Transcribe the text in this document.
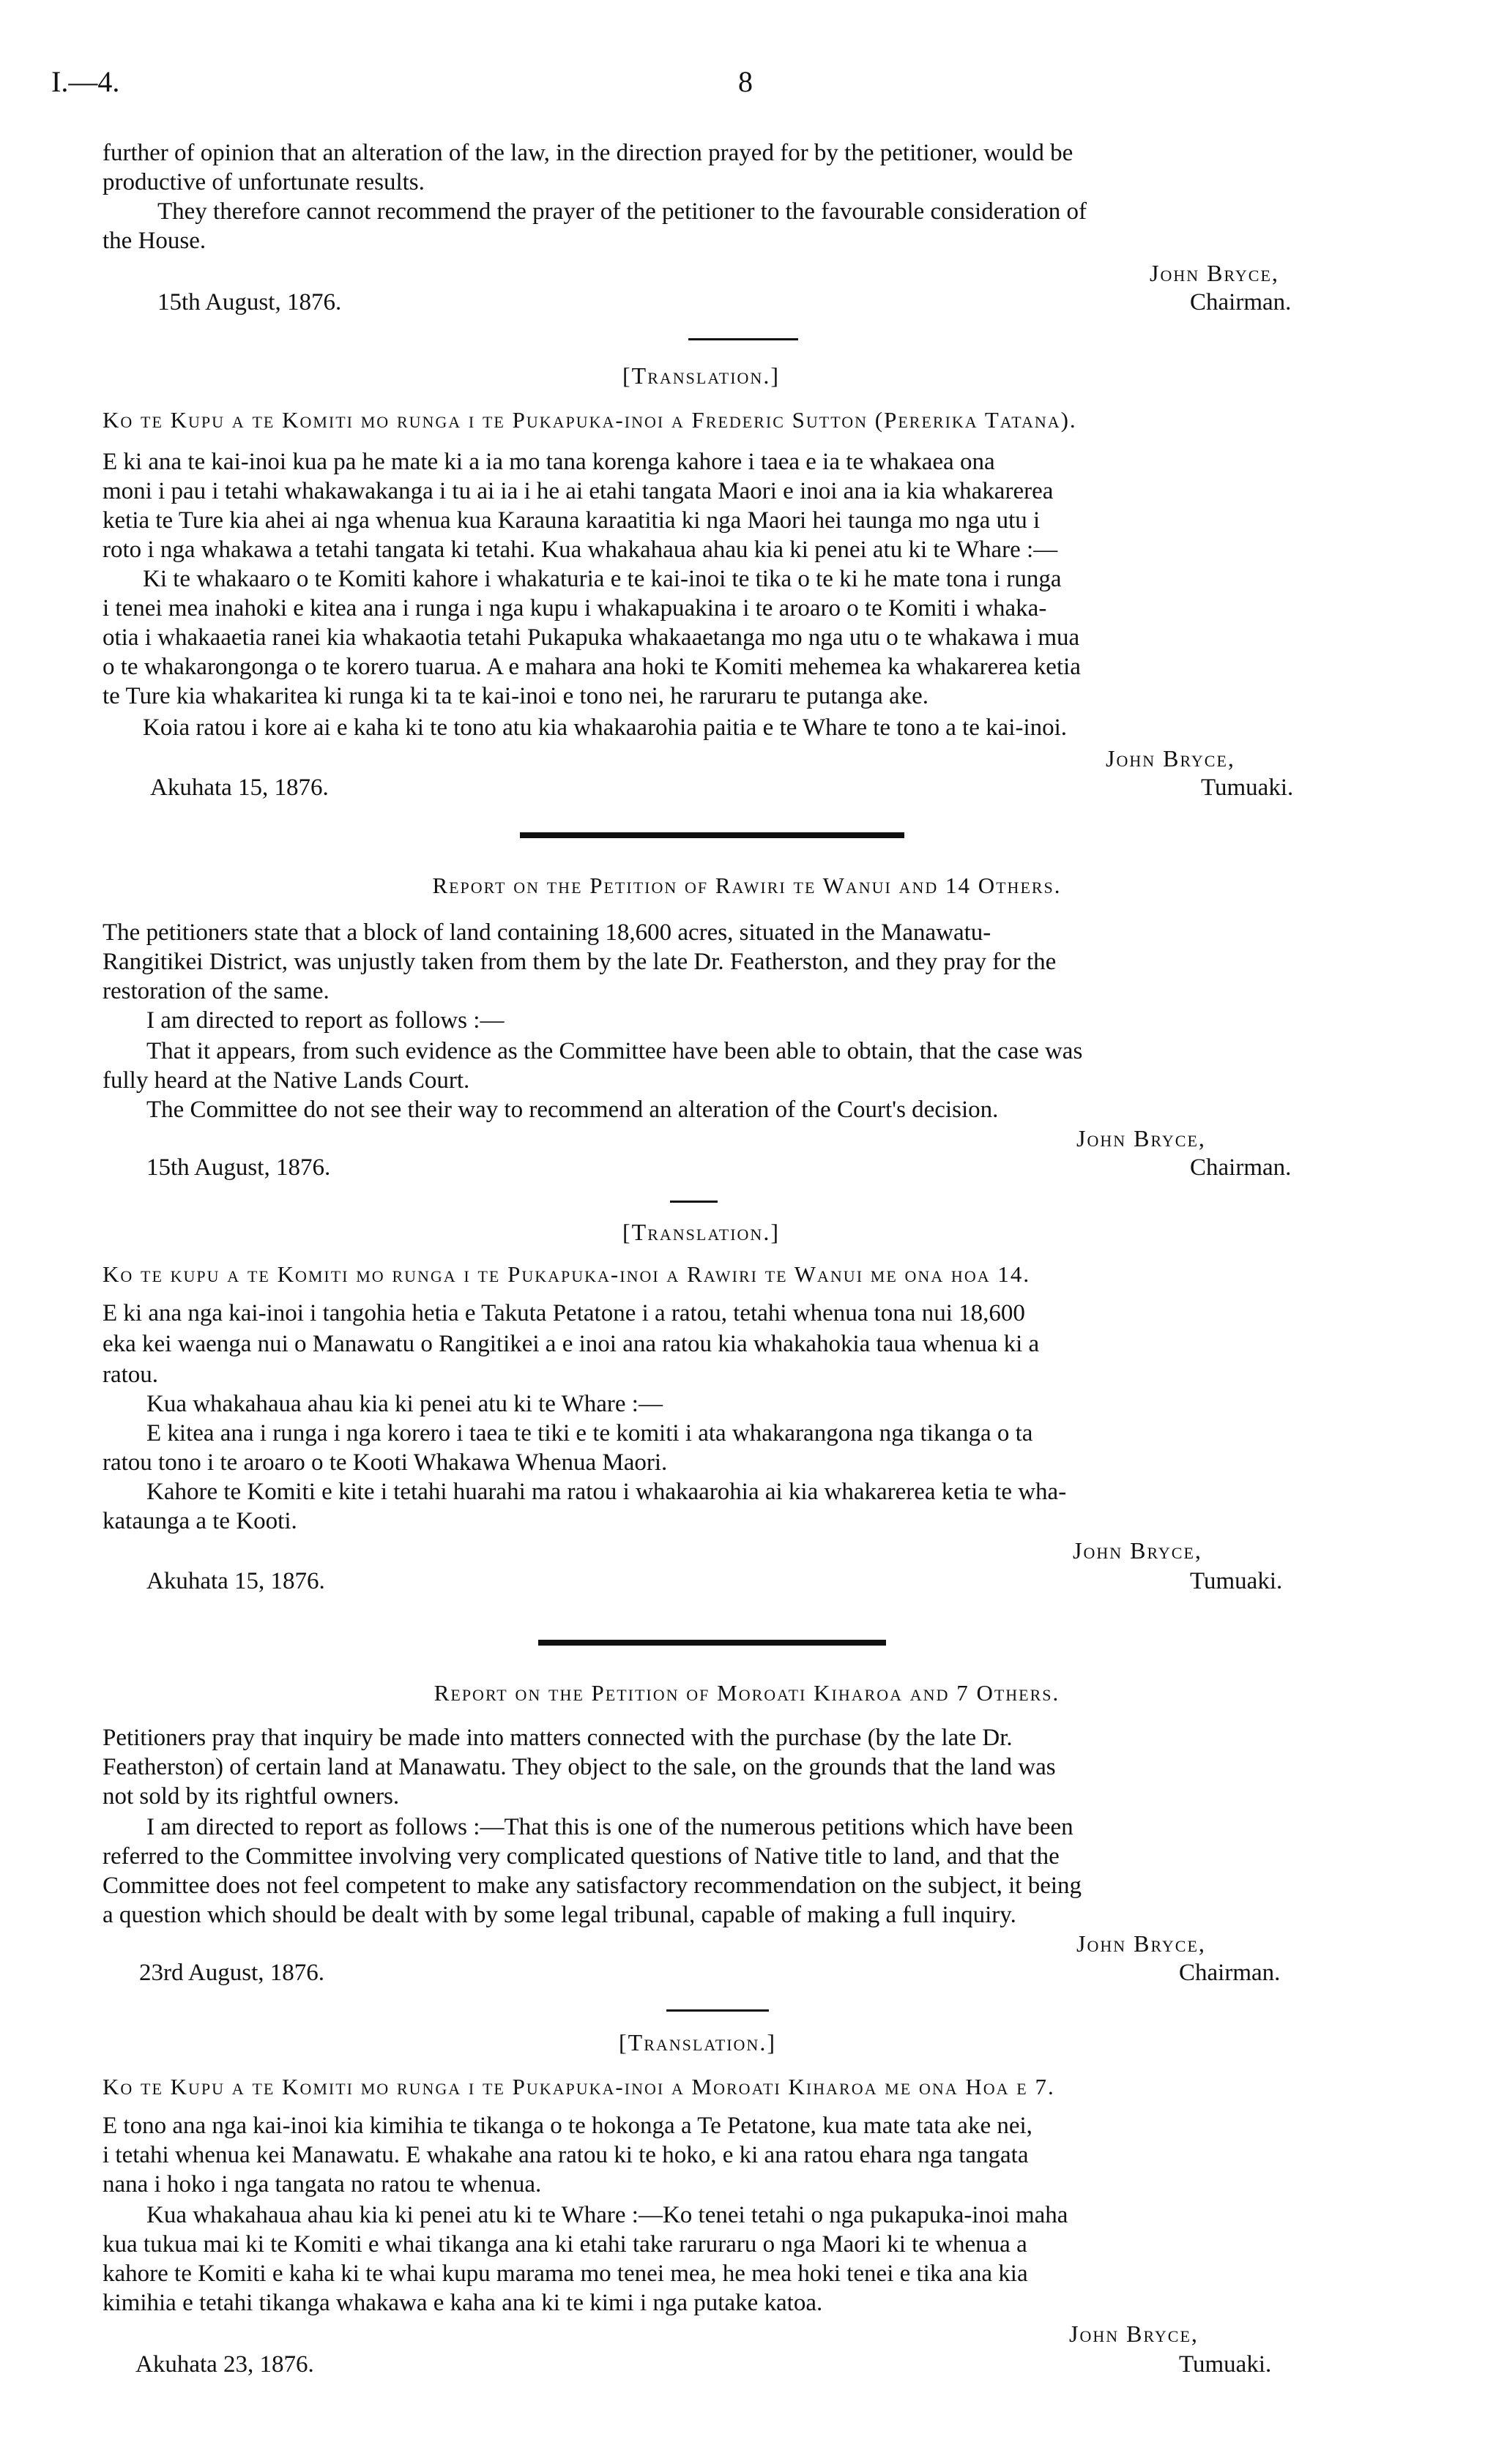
I.—4.	8
further of opinion that an alteration of the law, in the direction prayed for by the petitioner, would be
productive of unfortunate results.
They therefore cannot recommend the prayer of the petitioner to the favourable consideration of
the House.
John Bryce,
15th August, 1876.	Chairman.
[Translation.]
Ko te Kupu a te Komiti mo runga i te Pukapuka-inoi a Frederic Sutton (Pererika Tatana).
E ki ana te kai-inoi kua pa he mate ki a ia mo tana korenga kahore i taea e ia te whakaea ona
moni i pau i tetahi whakawakanga i tu ai ia i he ai etahi tangata Maori e inoi ana ia kia whakarerea
ketia te Ture kia ahei ai nga whenua kua Karauna karaatitia ki nga Maori hei taunga mo nga utu i
roto i nga whakawa a tetahi tangata ki tetahi. Kua whakahaua ahau kia ki penei atu ki te Whare :—
Ki te whakaaro o te Komiti kahore i whakaturia e te kai-inoi te tika o te ki he mate tona i runga
i tenei mea inahoki e kitea ana i runga i nga kupu i whakapuakina i te aroaro o te Komiti i whaka-
otia i whakaaetia ranei kia whakaotia tetahi Pukapuka whakaaetanga mo nga utu o te whakawa i mua
o te whakarongonga o te korero tuarua. A e mahara ana hoki te Komiti mehemea ka whakarerea ketia
te Ture kia whakaritea ki runga ki ta te kai-inoi e tono nei, he raruraru te putanga ake.
Koia ratou i kore ai e kaha ki te tono atu kia whakaarohia paitia e te Whare te tono a te kai-inoi.
John Bryce,
Akuhata 15, 1876.	Tumuaki.
Report on the Petition of Rawiri te Wanui and 14 Others.
The petitioners state that a block of land containing 18,600 acres, situated in the Manawatu-
Rangitikei District, was unjustly taken from them by the late Dr. Featherston, and they pray for the
restoration of the same.
I am directed to report as follows :—
That it appears, from such evidence as the Committee have been able to obtain, that the case was
fully heard at the Native Lands Court.
The Committee do not see their way to recommend an alteration of the Court's decision.
John Bryce,
15th August, 1876.	Chairman.
[Translation.]
Ko te kupu a te Komiti mo runga i te Pukapuka-inoi a Rawiri te Wanui me ona hoa 14.
E ki ana nga kai-inoi i tangohia hetia e Takuta Petatone i a ratou, tetahi whenua tona nui 18,600
eka kei waenga nui o Manawatu o Rangitikei a e inoi ana ratou kia whakahokia taua whenua ki a
ratou.
Kua whakahaua ahau kia ki penei atu ki te Whare :—
E kitea ana i runga i nga korero i taea te tiki e te komiti i ata whakarangona nga tikanga o ta
ratou tono i te aroaro o te Kooti Whakawa Whenua Maori.
Kahore te Komiti e kite i tetahi huarahi ma ratou i whakaarohia ai kia whakarerea ketia te wha-
kataunga a te Kooti.
John Bryce,
Akuhata 15, 1876.	Tumuaki.
Report on the Petition of Moroati Kiharoa and 7 Others.
Petitioners pray that inquiry be made into matters connected with the purchase (by the late Dr.
Featherston) of certain land at Manawatu. They object to the sale, on the grounds that the land was
not sold by its rightful owners.
I am directed to report as follows :—That this is one of the numerous petitions which have been
referred to the Committee involving very complicated questions of Native title to land, and that the
Committee does not feel competent to make any satisfactory recommendation on the subject, it being
a question which should be dealt with by some legal tribunal, capable of making a full inquiry.
John Bryce,
23rd August, 1876.	Chairman.
[Translation.]
Ko te Kupu a te Komiti mo runga i te Pukapuka-inoi a Moroati Kiharoa me ona Hoa e 7.
E tono ana nga kai-inoi kia kimihia te tikanga o te hokonga a Te Petatone, kua mate tata ake nei,
i tetahi whenua kei Manawatu. E whakahe ana ratou ki te hoko, e ki ana ratou ehara nga tangata
nana i hoko i nga tangata no ratou te whenua.
Kua whakahaua ahau kia ki penei atu ki te Whare :—Ko tenei tetahi o nga pukapuka-inoi maha
kua tukua mai ki te Komiti e whai tikanga ana ki etahi take raruraru o nga Maori ki te whenua a
kahore te Komiti e kaha ki te whai kupu marama mo tenei mea, he mea hoki tenei e tika ana kia
kimihia e tetahi tikanga whakawa e kaha ana ki te kimi i nga putake katoa.
John Bryce,
Akuhata 23, 1876.	Tumuaki.
